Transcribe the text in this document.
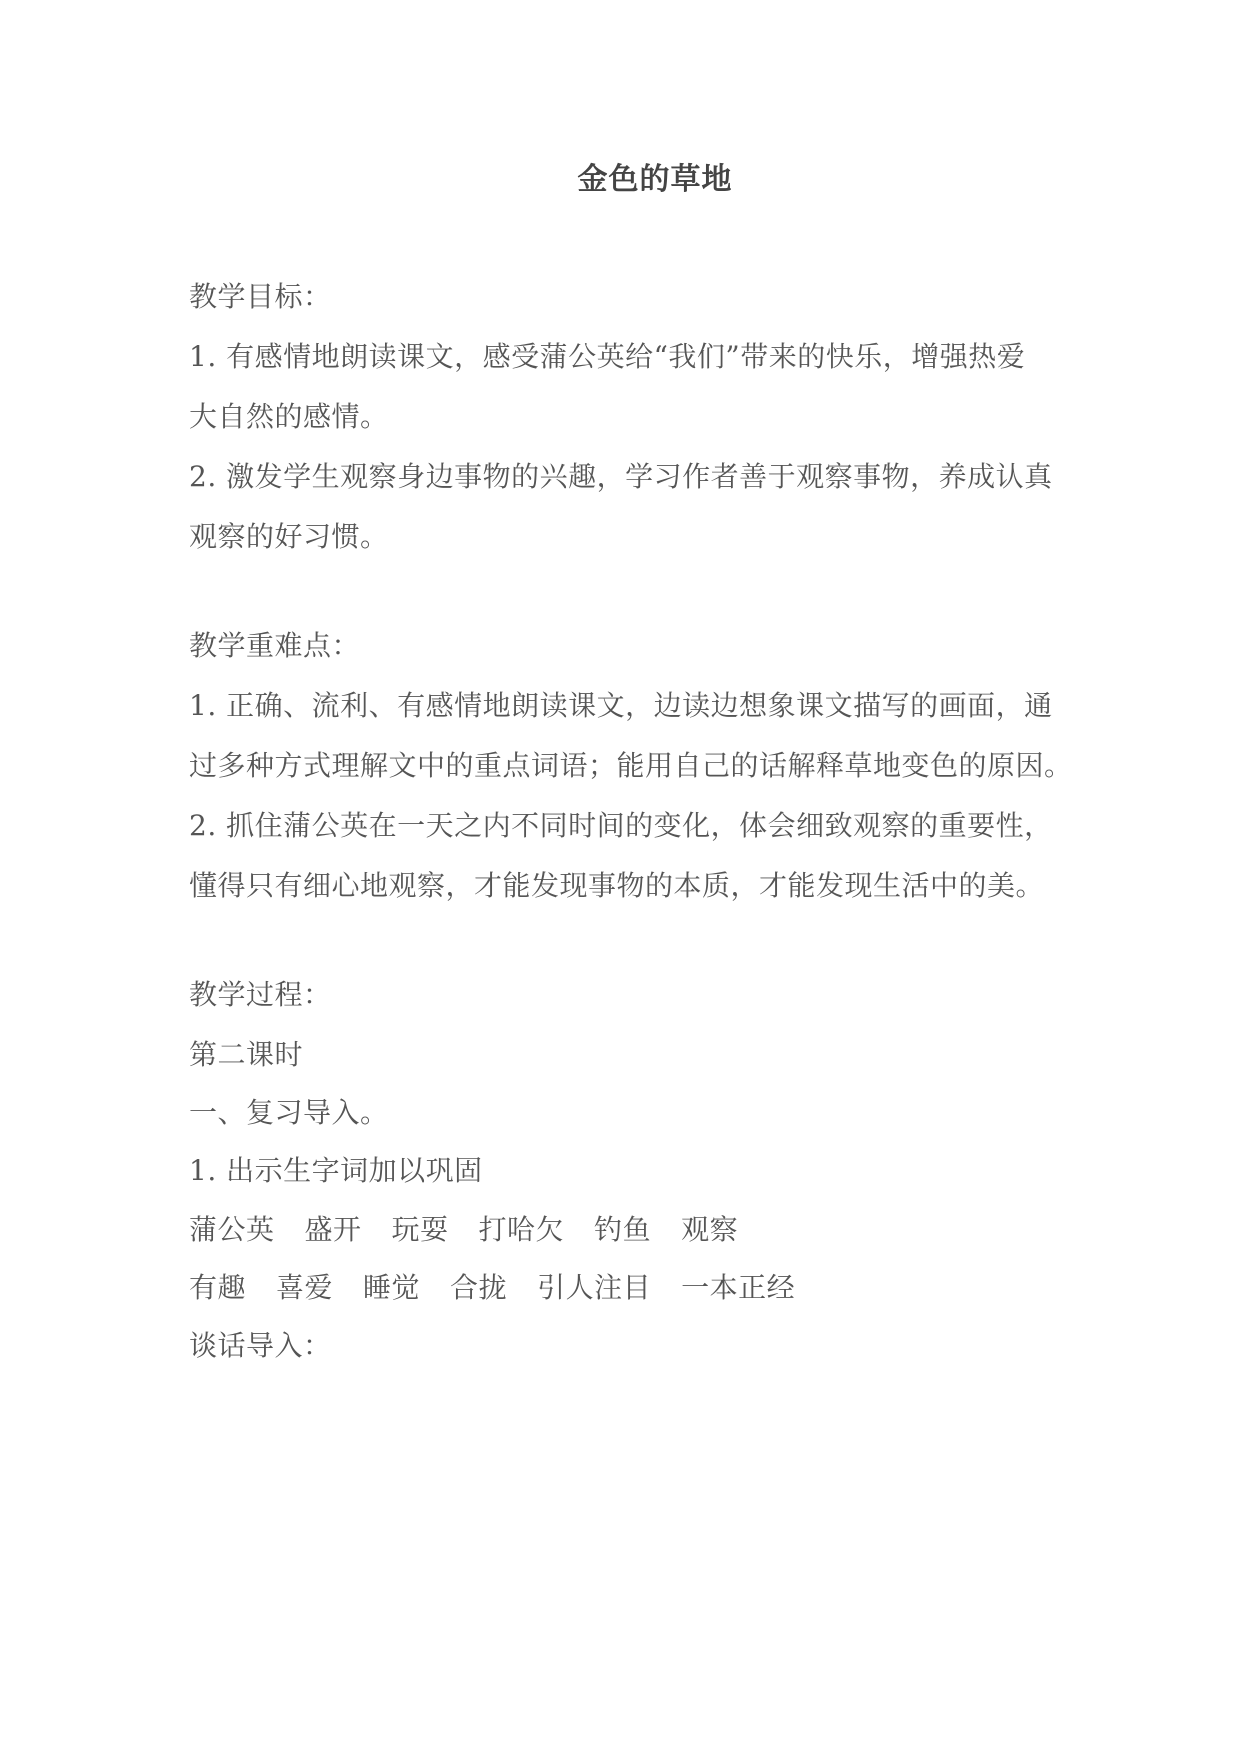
金色的草地
教学目标：
1. 有感情地朗读课文，感受蒲公英给“我们”带来的快乐，增强热爱
大自然的感情。
2. 激发学生观察身边事物的兴趣，学习作者善于观察事物，养成认真
观察的好习惯。
教学重难点：
1. 正确、流利、有感情地朗读课文，边读边想象课文描写的画面，通
过多种方式理解文中的重点词语；能用自己的话解释草地变色的原因。
2. 抓住蒲公英在一天之内不同时间的变化，体会细致观察的重要性，
懂得只有细心地观察，才能发现事物的本质，才能发现生活中的美。
教学过程：
第二课时
一、复习导入。
1. 出示生字词加以巩固
蒲公英 盛开 玩耍 打哈欠 钓鱼 观察
有趣 喜爱 睡觉 合拢 引人注目 一本正经
谈话导入：
